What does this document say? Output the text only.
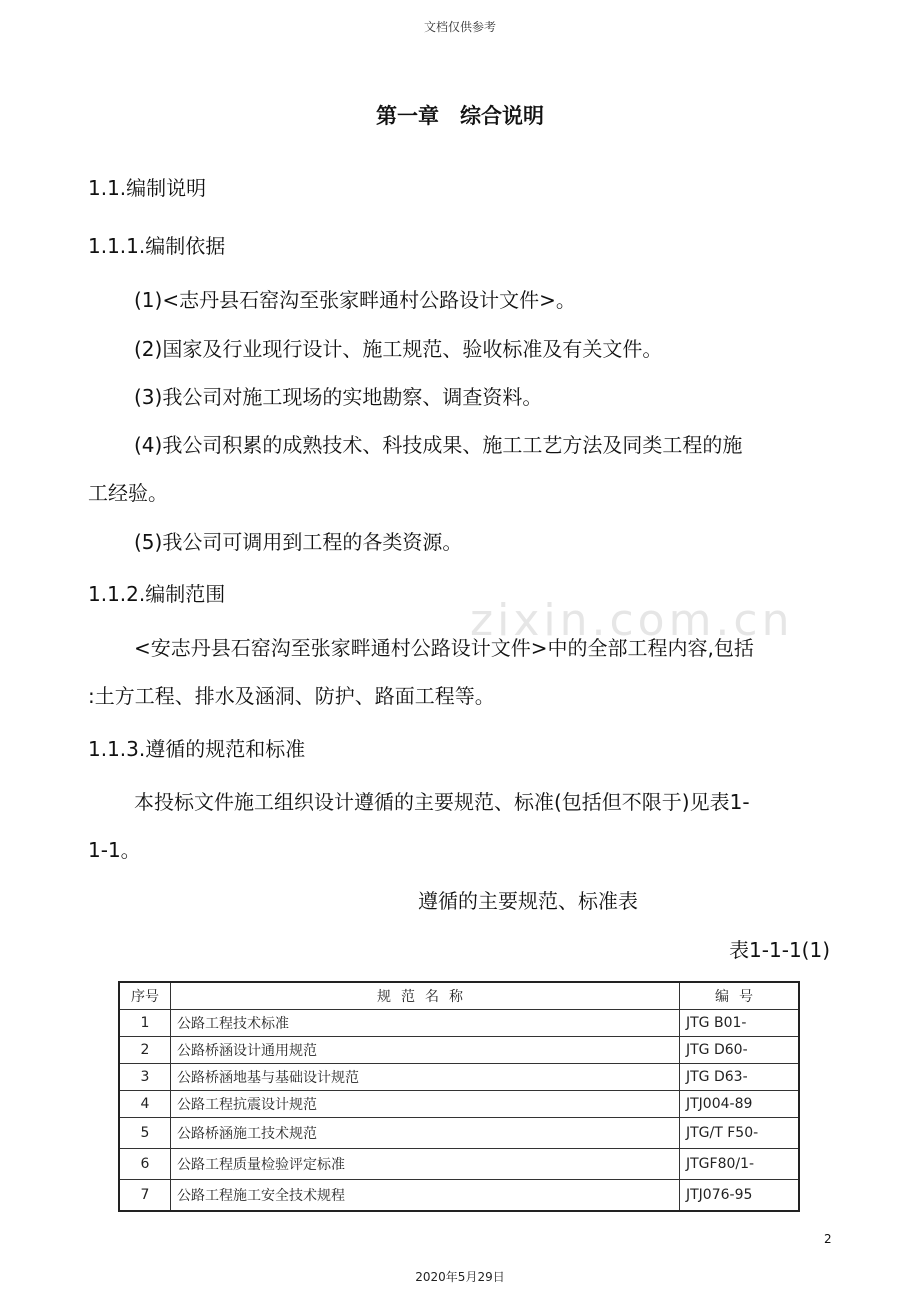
文档仅供参考
zixin.com.cn
第一章　综合说明
1.1.编制说明
1.1.1.编制依据
(1)<志丹县石窑沟至张家畔通村公路设计文件>。
(2)国家及行业现行设计、施工规范、验收标准及有关文件。
(3)我公司对施工现场的实地勘察、调查资料。
(4)我公司积累的成熟技术、科技成果、施工工艺方法及同类工程的施
工经验。
(5)我公司可调用到工程的各类资源。
1.1.2.编制范围
<安志丹县石窑沟至张家畔通村公路设计文件>中的全部工程内容,包括
:土方工程、排水及涵洞、防护、路面工程等。
1.1.3.遵循的规范和标准
本投标文件施工组织设计遵循的主要规范、标准(包括但不限于)见表1-
1-1。
遵循的主要规范、标准表
表1-1-1(1)
序号	规范名称	编号
1	公路工程技术标准	JTG B01-
2	公路桥涵设计通用规范	JTG D60-
3	公路桥涵地基与基础设计规范	JTG D63-
4	公路工程抗震设计规范	JTJ004-89
5	公路桥涵施工技术规范	JTG/T F50-
6	公路工程质量检验评定标准	JTGF80/1-
7	公路工程施工安全技术规程	JTJ076-95
2
2020年5月29日
